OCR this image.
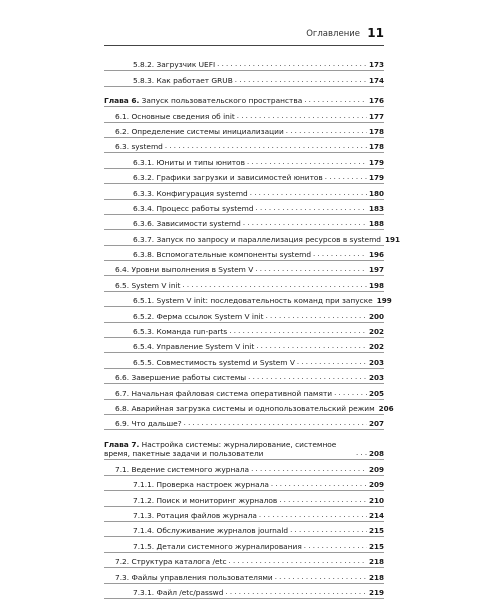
Оглавление 11
5.8.2. Загрузчик UEFI . . .	173
5.8.3. Как работает GRUB . . .	174
Глава 6. Запуск пользовательского пространства . . .	176
6.1. Основные сведения об init . . .	177
6.2. Определение системы инициализации . . .	178
6.3. systemd . . .	178
6.3.1. Юниты и типы юнитов . . .	179
6.3.2. Графики загрузки и зависимостей юнитов . . .	179
6.3.3. Конфигурация systemd . . .	180
6.3.4. Процесс работы systemd . . .	183
6.3.6. Зависимости systemd . . .	188
6.3.7. Запуск по запросу и параллелизация ресурсов в systemd 191
6.3.8. Вспомогательные компоненты systemd . . .	196
6.4. Уровни выполнения в System V . . .	197
6.5. System V init . . .	198
6.5.1. System V init: последовательность команд при запуске 199
6.5.2. Ферма ссылок System V init . . .	200
6.5.3. Команда run-parts . . .	202
6.5.4. Управление System V init . . .	202
6.5.5. Совместимость systemd и System V . . .	203
6.6. Завершение работы системы . . .	203
6.7. Начальная файловая система оперативной памяти . . .	205
6.8. Аварийная загрузка системы и однопользовательский режим 206
6.9. Что дальше? . . .	207
Глава 7. Настройка системы: журналирование, системное время, пакетные задачи и пользователи . . .	208
7.1. Ведение системного журнала . . .	209
7.1.1. Проверка настроек журнала . . .	209
7.1.2. Поиск и мониторинг журналов . . .	210
7.1.3. Ротация файлов журнала . . .	214
7.1.4. Обслуживание журналов journald . . .	215
7.1.5. Детали системного журналирования . . .	215
7.2. Структура каталога /etc . . .	218
7.3. Файлы управления пользователями . . .	218
7.3.1. Файл /etc/passwd . . .	219
